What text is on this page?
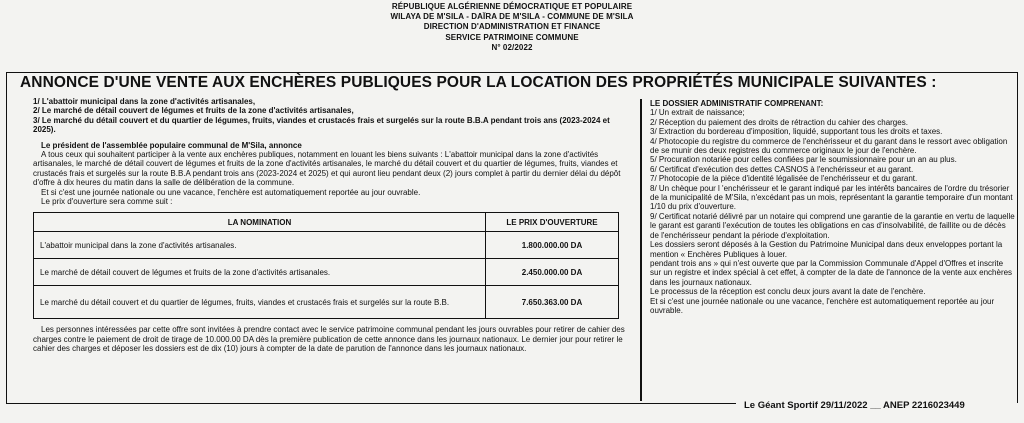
RÉPUBLIQUE ALGÉRIENNE DÉMOCRATIQUE ET POPULAIRE
WILAYA DE M'SILA - DAÏRA DE M'SILA - COMMUNE DE M'SILA
DIRECTION D'ADMINISTRATION ET FINANCE
SERVICE PATRIMOINE COMMUNE
N° 02/2022
ANNONCE D'UNE VENTE AUX ENCHÈRES PUBLIQUES POUR LA LOCATION DES PROPRIÉTÉS MUNICIPALE SUIVANTES :

1/ L'abattoir municipal dans la zone d'activités artisanales,

2/ Le marché de détail couvert de légumes et fruits de la zone d'activités artisanales,

3/ Le marché du détail couvert et du quartier de légumes, fruits, viandes et crustacés frais et surgelés sur la route B.B.A pendant trois ans (2023-2024 et 2025).

Le président de l'assemblée populaire communal de M'Sila, annonce

A tous ceux qui souhaitent participer à la vente aux enchères publiques, notamment en louant les biens suivants : L'abattoir municipal dans la zone d'activités artisanales, le marché de détail couvert de légumes et fruits de la zone d'activités artisanales, le marché du détail couvert et du quartier de légumes, fruits, viandes et crustacés frais et surgelés sur la route B.B.A pendant trois ans (2023-2024 et 2025) et qui auront lieu pendant deux (2) jours complet à partir du dernier délai du dépôt d'offre à dix heures du matin dans la salle de délibération de la commune.

Et si c'est une journée nationale ou une vacance, l'enchère est automatiquement reportée au jour ouvrable.

Le prix d'ouverture sera comme suit :

LA NOMINATION	LE PRIX D'OUVERTURE
L'abattoir municipal dans la zone d'activités artisanales.	1.800.000.00 DA
Le marché de détail couvert de légumes et fruits de la zone d'activités artisanales.	2.450.000.00 DA
Le marché du détail couvert et du quartier de légumes, fruits, viandes et crustacés frais et surgelés sur la route B.B.	7.650.363.00 DA

Les personnes intéressées par cette offre sont invitées à prendre contact avec le service patrimoine communal pendant les jours ouvrables pour retirer de cahier des charges contre le paiement de droit de tirage de 10.000.00 DA dès la première publication de cette annonce dans les journaux nationaux. Le dernier jour pour retirer le cahier des charges et déposer les dossiers est de dix (10) jours à compter de la date de parution de l'annonce dans les journaux nationaux.

LE DOSSIER ADMINISTRATIF COMPRENANT:

1/ Un extrait de naissance;

2/ Réception du paiement des droits de rétraction du cahier des charges.

3/ Extraction du bordereau d'imposition, liquidé, supportant tous les droits et taxes.

4/ Photocopie du registre du commerce de l'enchérisseur et du garant dans le ressort avec obligation de se munir des deux registres du commerce originaux le jour de l'enchère.

5/ Procuration notariée pour celles confiées par le soumissionnaire pour un an au plus.

6/ Certificat d'exécution des dettes CASNOS à l'enchérisseur et au garant.

7/ Photocopie de la pièce d'identité légalisée de l'enchérisseur et du garant.

8/ Un chèque pour l 'enchérisseur et le garant indiqué par les intérêts bancaires de l'ordre du trésorier de la municipalité de M'Sila, n'excédant pas un mois, représentant la garantie temporaire d'un montant 1/10 du prix d'ouverture.

9/ Certificat notarié délivré par un notaire qui comprend une garantie de la garantie en vertu de laquelle le garant est garanti l'exécution de toutes les obligations en cas d'insolvabilité, de faillite ou de décès de l'enchérisseur pendant la période d'exploitation.

Les dossiers seront déposés à la Gestion du Patrimoine Municipal dans deux enveloppes portant la mention « Enchères Publiques à louer.

pendant trois ans » qui n'est ouverte que par la Commission Communale d'Appel d'Offres et inscrite sur un registre et index spécial à cet effet, à compter de la date de l'annonce de la vente aux enchères dans les journaux nationaux.

Le processus de la réception est conclu deux jours avant la date de l'enchère.

Et si c'est une journée nationale ou une vacance, l'enchère est automatiquement reportée au jour ouvrable.

Le Géant Sportif 29/11/2022 __ ANEP 2216023449
